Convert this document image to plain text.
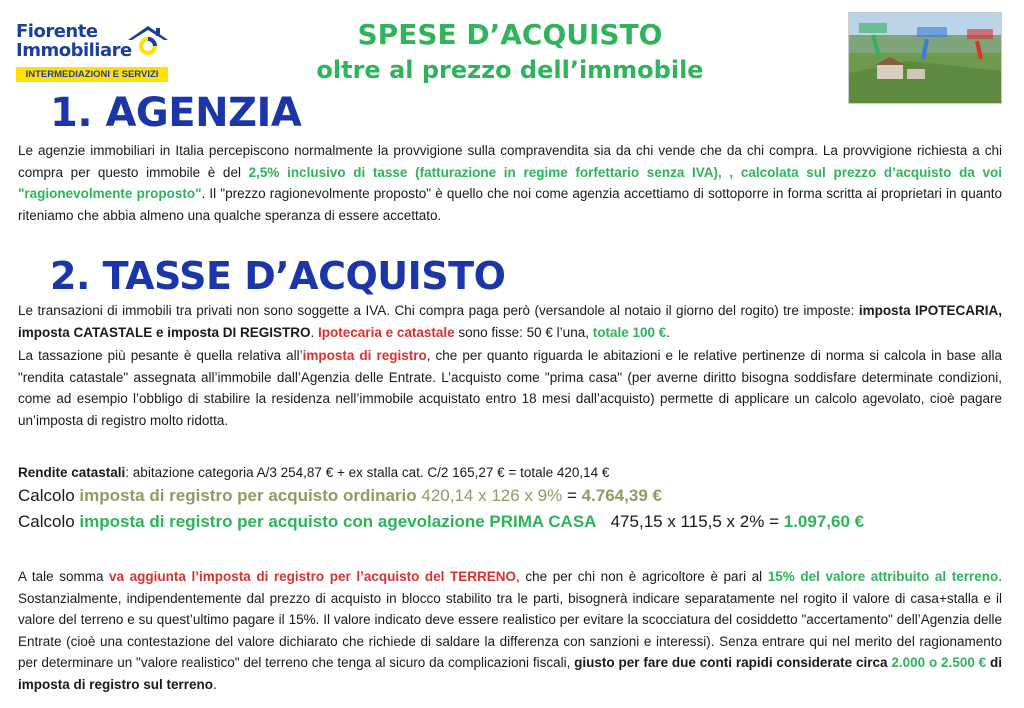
Fiorente
Immobiliare
INTERMEDIAZIONI E SERVIZI
SPESE D’ACQUISTO
oltre al prezzo dell’immobile
1. AGENZIA
Le agenzie immobiliari in Italia percepiscono normalmente la provvigione sulla compravendita sia da chi vende che da chi compra. La provvigione richiesta a chi compra per questo immobile è del 2,5% inclusivo di tasse (fatturazione in regime forfettario senza IVA), , calcolata sul prezzo d’acquisto da voi "ragionevolmente proposto". Il "prezzo ragionevolmente proposto" è quello che noi come agenzia accettiamo di sottoporre in forma scritta ai proprietari in quanto riteniamo che abbia almeno una qualche speranza di essere accettato.
2. TASSE D’ACQUISTO
Le transazioni di immobili tra privati non sono soggette a IVA. Chi compra paga però (versandole al notaio il giorno del rogito) tre imposte: imposta IPOTECARIA, imposta CATASTALE e imposta DI REGISTRO. Ipotecaria e catastale sono fisse: 50 € l’una, totale 100 €.
La tassazione più pesante è quella relativa all’imposta di registro, che per quanto riguarda le abitazioni e le relative pertinenze di norma si calcola in base alla "rendita catastale" assegnata all’immobile dall’Agenzia delle Entrate. L’acquisto come "prima casa" (per averne diritto bisogna soddisfare determinate condizioni, come ad esempio l’obbligo di stabilire la residenza nell’immobile acquistato entro 18 mesi dall’acquisto) permette di applicare un calcolo agevolato, cioè pagare un’imposta di registro molto ridotta.
Rendite catastali: abitazione categoria A/3 254,87 € + ex stalla cat. C/2 165,27 € = totale 420,14 €
Calcolo imposta di registro per acquisto ordinario 420,14 x 126 x 9% = 4.764,39 €
Calcolo imposta di registro per acquisto con agevolazione PRIMA CASA   475,15 x 115,5 x 2% = 1.097,60 €
A tale somma va aggiunta l’imposta di registro per l’acquisto del TERRENO, che per chi non è agricoltore è pari al 15% del valore attribuito al terreno. Sostanzialmente, indipendentemente dal prezzo di acquisto in blocco stabilito tra le parti, bisognerà indicare separatamente nel rogito il valore di casa+stalla e il valore del terreno e su quest’ultimo pagare il 15%. Il valore indicato deve essere realistico per evitare la scocciatura del cosiddetto "accertamento" dell’Agenzia delle Entrate (cioè una contestazione del valore dichiarato che richiede di saldare la differenza con sanzioni e interessi). Senza entrare qui nel merito del ragionamento per determinare un "valore realistico" del terreno che tenga al sicuro da complicazioni fiscali, giusto per fare due conti rapidi considerate circa 2.000 o 2.500 € di imposta di registro sul terreno.
